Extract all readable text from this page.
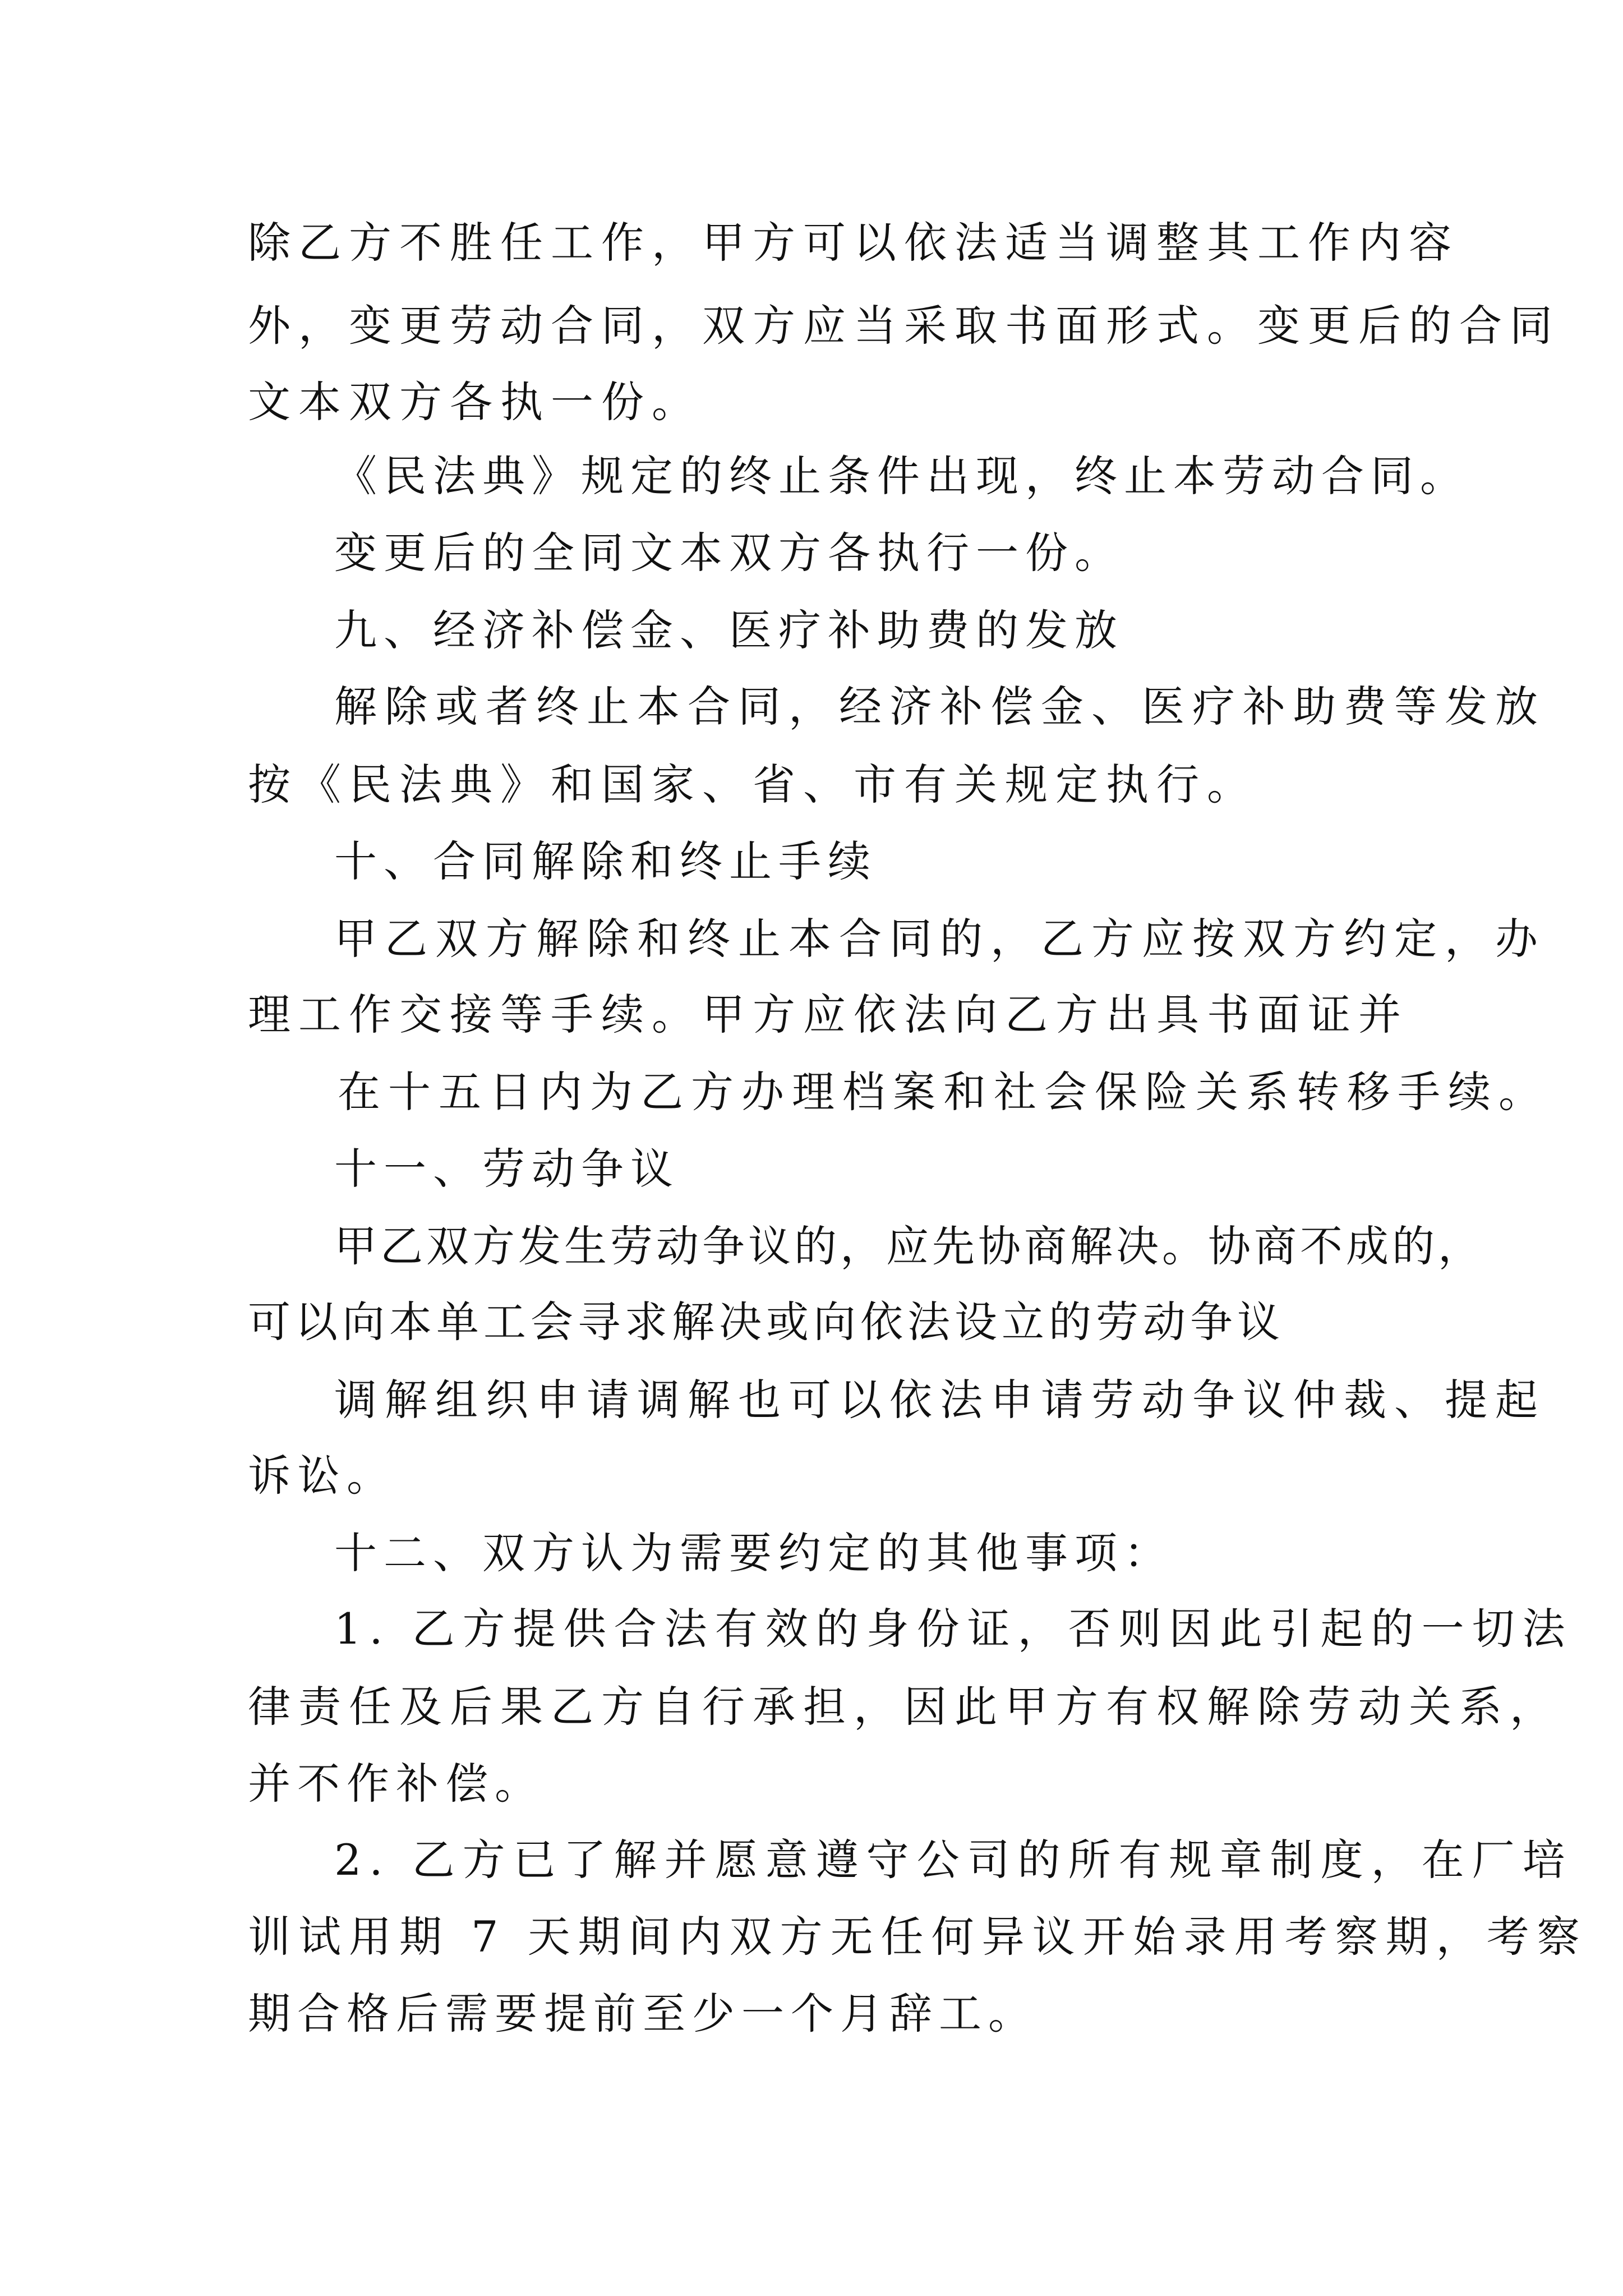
除乙方不胜任工作，甲方可以依法适当调整其工作内容
外，变更劳动合同，双方应当采取书面形式。变更后的合同
文本双方各执一份。
《民法典》规定的终止条件出现，终止本劳动合同。
变更后的全同文本双方各执行一份。
九、经济补偿金、医疗补助费的发放
解除或者终止本合同，经济补偿金、医疗补助费等发放
按《民法典》和国家、省、市有关规定执行。
十、合同解除和终止手续
甲乙双方解除和终止本合同的，乙方应按双方约定，办
理工作交接等手续。甲方应依法向乙方出具书面证并
在十五日内为乙方办理档案和社会保险关系转移手续。
十一、劳动争议
甲乙双方发生劳动争议的，应先协商解决。协商不成的，
可以向本单工会寻求解决或向依法设立的劳动争议
调解组织申请调解也可以依法申请劳动争议仲裁、提起
诉讼。
十二、双方认为需要约定的其他事项：
1. 乙方提供合法有效的身份证，否则因此引起的一切法
律责任及后果乙方自行承担，因此甲方有权解除劳动关系，
并不作补偿。
2. 乙方已了解并愿意遵守公司的所有规章制度，在厂培
训试用期 7 天期间内双方无任何异议开始录用考察期，考察
期合格后需要提前至少一个月辞工。
